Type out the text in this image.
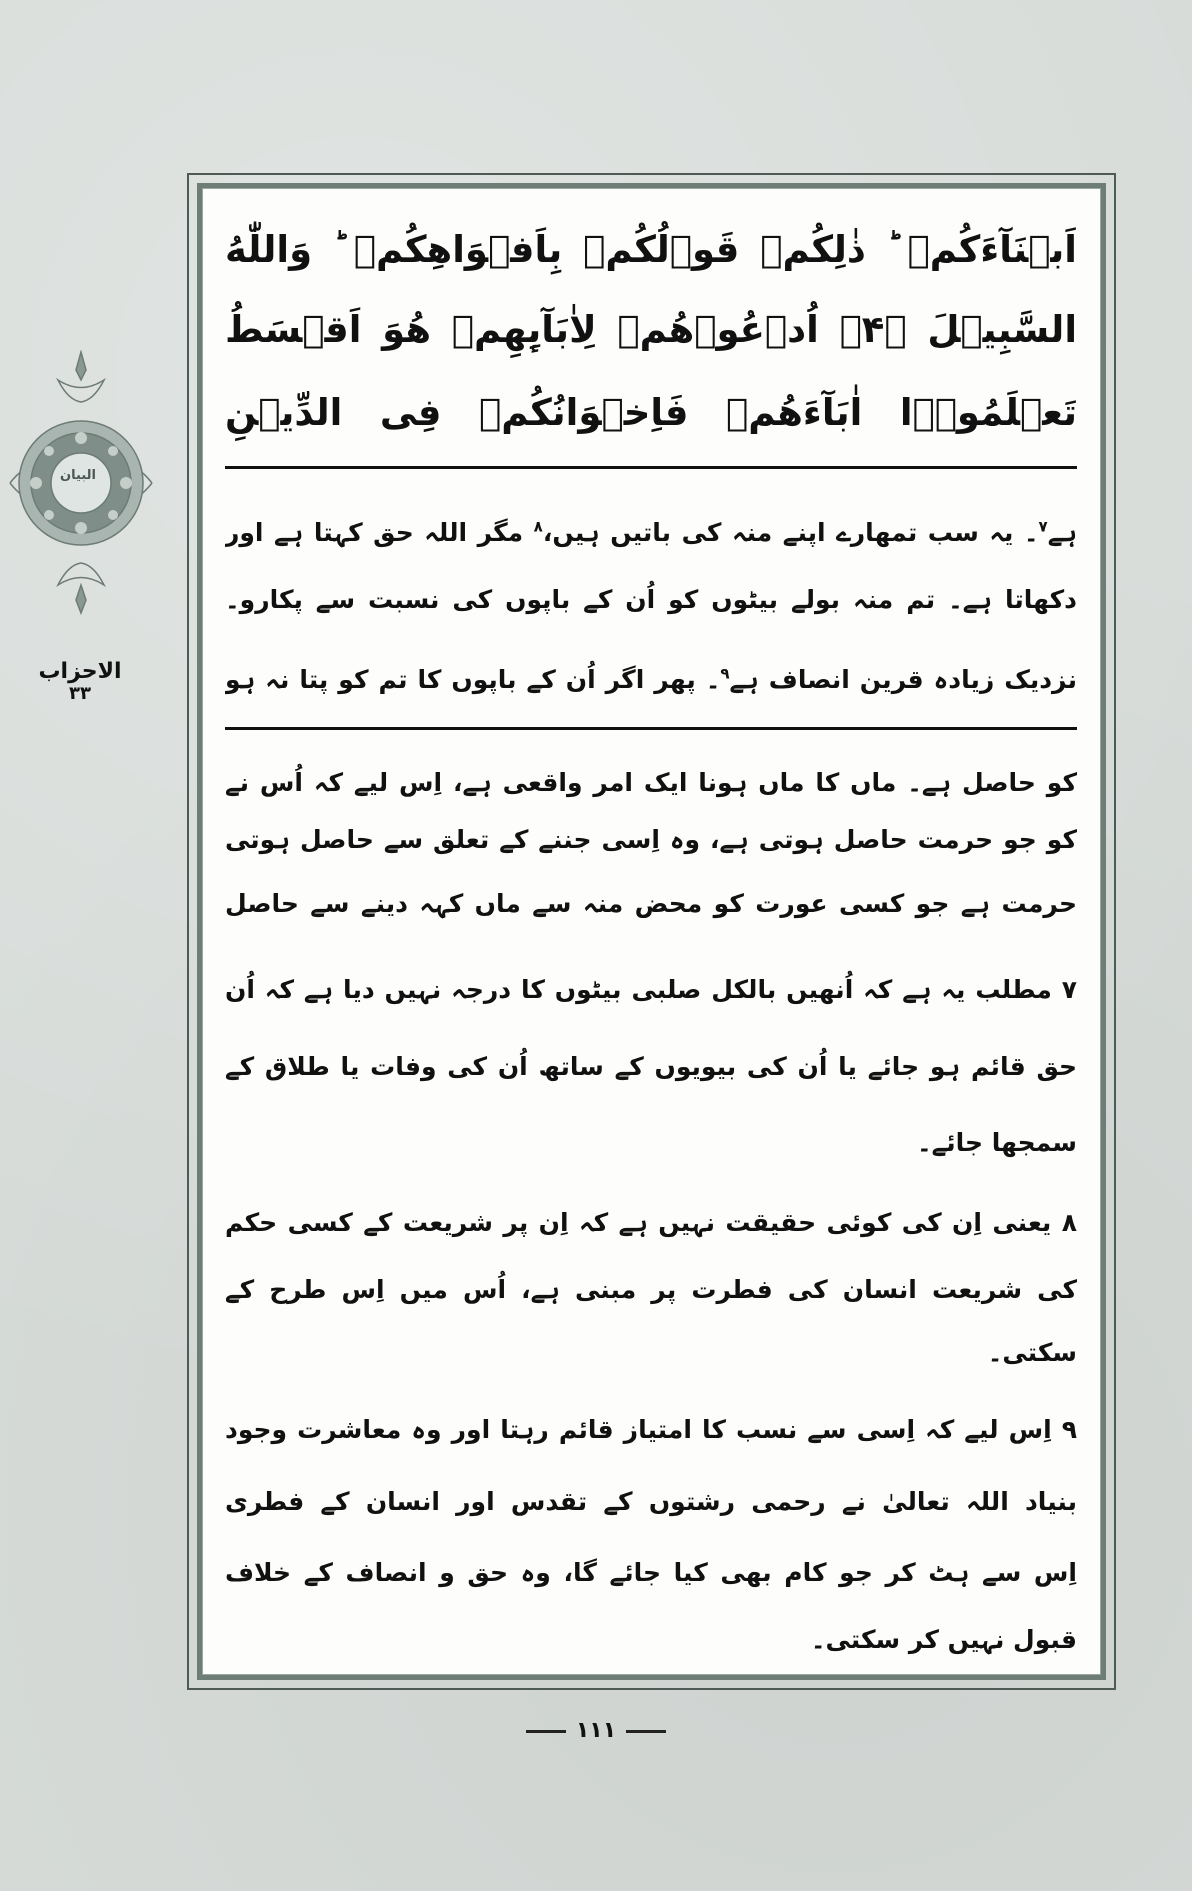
البیان
الاحزاب
۳۳
اَبۡنَآءَكُمۡ ؕ ذٰلِكُمۡ قَوۡلُكُمۡ بِاَفۡوَاهِكُمۡ ؕ وَاللّٰهُ
السَّبِيۡلَ ﴿۴﴾ اُدۡعُوۡهُمۡ لِاٰبَآٮِٕهِمۡ هُوَ اَقۡسَطُ
تَعۡلَمُوۡۤا اٰبَآءَهُمۡ فَاِخۡوَانُكُمۡ فِى الدِّيۡنِ
ہے$^۷$۔ یہ سب تمھارے اپنے منہ کی باتیں ہیں،$^۸$ مگر اللہ حق کہتا ہے اور
دکھاتا ہے۔ تم منہ بولے بیٹوں کو اُن کے باپوں کی نسبت سے پکارو۔
نزدیک زیادہ قرین انصاف ہے$^۹$۔ پھر اگر اُن کے باپوں کا تم کو پتا نہ ہو
کو حاصل ہے۔ ماں کا ماں ہونا ایک امر واقعی ہے، اِس لیے کہ اُس نے
کو جو حرمت حاصل ہوتی ہے، وہ اِسی جننے کے تعلق سے حاصل ہوتی
حرمت ہے جو کسی عورت کو محض منہ سے ماں کہہ دینے سے حاصل
۷ مطلب یہ ہے کہ اُنھیں بالکل صلبی بیٹوں کا درجہ نہیں دیا ہے کہ اُن
حق قائم ہو جائے یا اُن کی بیویوں کے ساتھ اُن کی وفات یا طلاق کے
سمجھا جائے۔
۸ یعنی اِن کی کوئی حقیقت نہیں ہے کہ اِن پر شریعت کے کسی حکم
کی شریعت انسان کی فطرت پر مبنی ہے، اُس میں اِس طرح کے
سکتی۔
۹ اِس لیے کہ اِسی سے نسب کا امتیاز قائم رہتا اور وہ معاشرت وجود
بنیاد اللہ تعالیٰ نے رحمی رشتوں کے تقدس اور انسان کے فطری
اِس سے ہٹ کر جو کام بھی کیا جائے گا، وہ حق و انصاف کے خلاف
قبول نہیں کر سکتی۔
۱۱۱
